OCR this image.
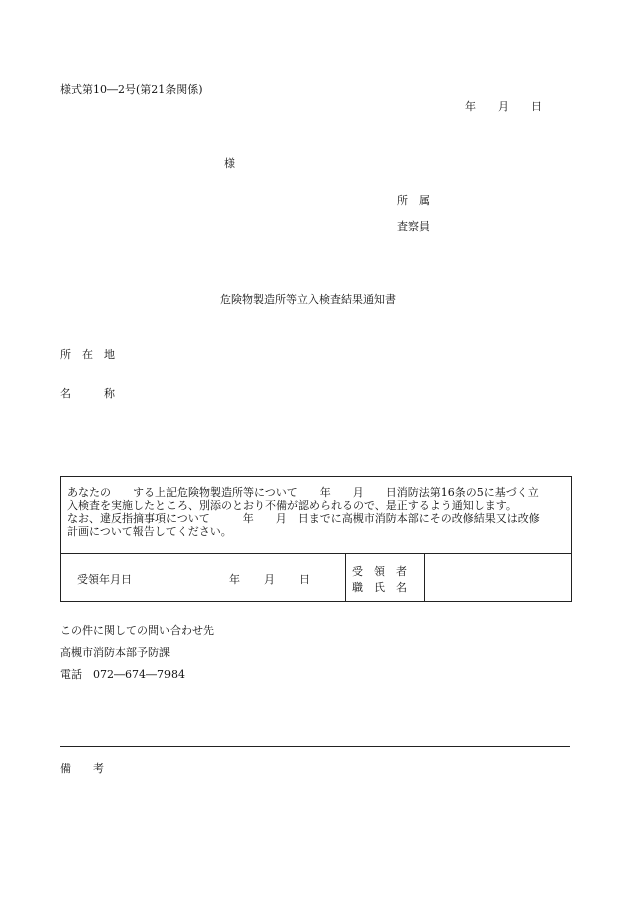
様式第10―2号(第21条関係)
年 月 日
様
所　属
査察員
危険物製造所等立入検査結果通知書
所　在　地
名　　　称
あなたの　　する上記危険物製造所等について　　年　　月　　日消防法第16条の5に基づく立
入検査を実施したところ、別添のとおり不備が認められるので、是正するよう通知します。
なお、違反指摘事項について　　　年　　月　日までに高槻市消防本部にその改修結果又は改修
計画について報告してください。
受領年月日	年 月 日
受　領　者
職　氏　名
この件に関しての問い合わせ先
高槻市消防本部予防課
電話　072―674―7984
備　　考
